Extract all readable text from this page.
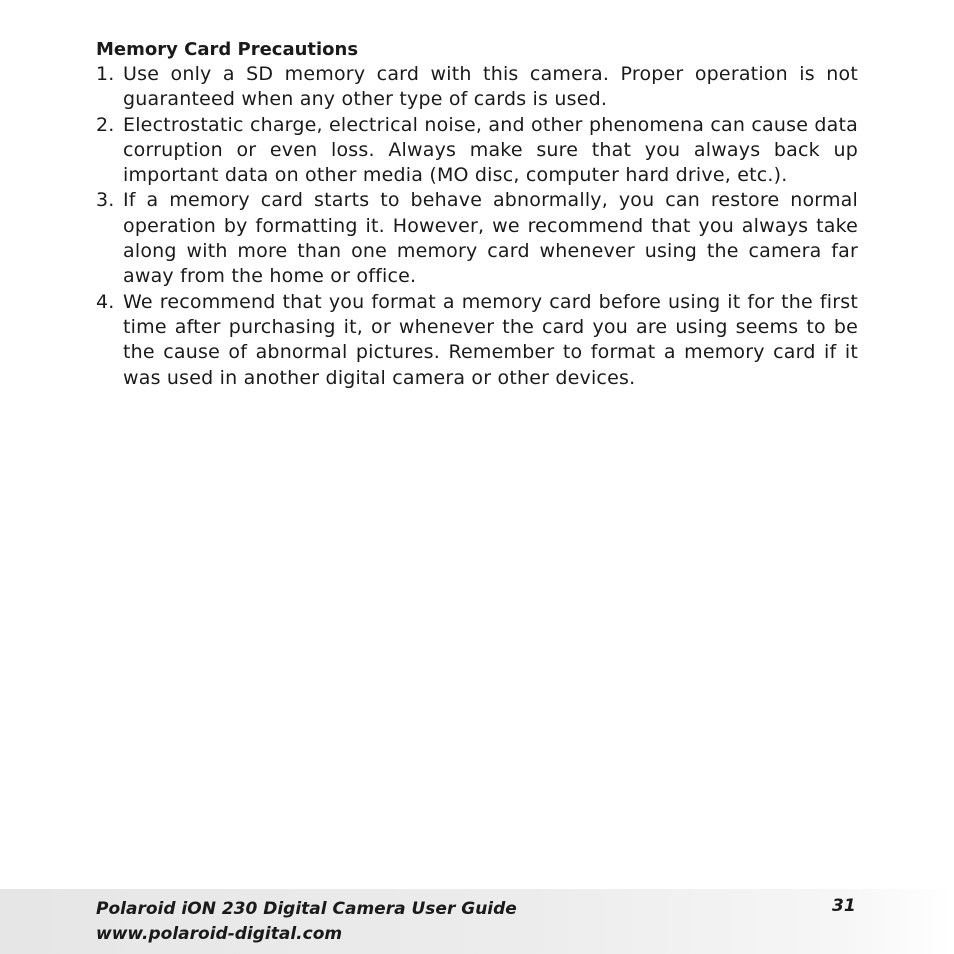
Memory Card Precautions
1. Use only a SD memory card with this camera. Proper operation is not guaranteed when any other type of cards is used.
2. Electrostatic charge, electrical noise, and other phenomena can cause data corruption or even loss. Always make sure that you always back up important data on other media (MO disc, computer hard drive, etc.).
3. If a memory card starts to behave abnormally, you can restore normal operation by formatting it. However, we recommend that you always take along with more than one memory card whenever using the camera far away from the home or office.
4. We recommend that you format a memory card before using it for the first time after purchasing it, or whenever the card you are using seems to be the cause of abnormal pictures. Remember to format a memory card if it was used in another digital camera or other devices.
Polaroid iON 230 Digital Camera User Guide
www.polaroid-digital.com
31
